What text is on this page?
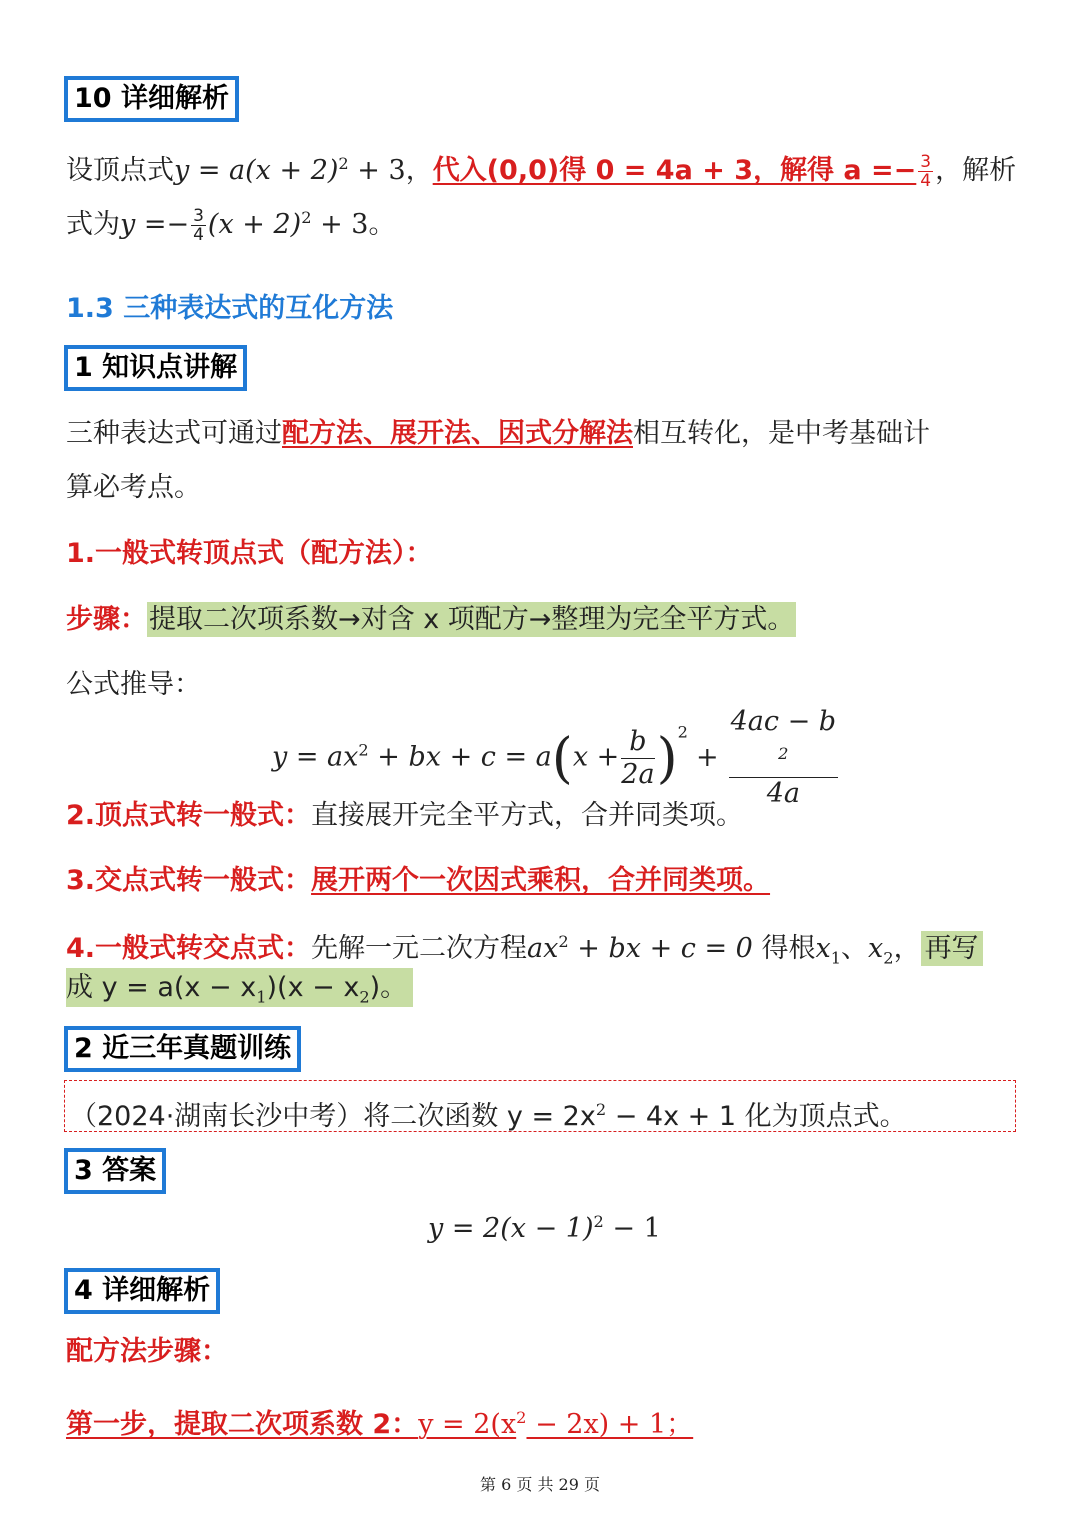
10 详细解析
设顶点式$y = a(x + 2)^2 + 3$，代入(0,0)得 0 = 4a + 3，解得 $a =- \frac{3}{4}$ ，解析
式为$y =- \frac{3}{4} (x + 2)^2 + 3$。
1.3 三种表达式的互化方法
1 知识点讲解
三种表达式可通过配方法、展开法、因式分解法相互转化，是中考基础计
算必考点。
1.一般式转顶点式（配方法）：
步骤：提取二次项系数→对含 x 项配方→整理为完全平方式。
公式推导：
$y = ax^2$ + bx + $c = a(x + \frac{b}{2a} )^2+ 4ac - b$
$^2$
4a
2.顶点式转一般式：直接展开完全平方式，合并同类项。
3.交点式转一般式：展开两个一次因式乘积，合并同类项。
4.一般式转交点式：先解一元二次方程$ax^2$ + bx + c = 0 得根$x_1$、$x_2$， 再写
成 $y = a(x - x_1)(x - x_2)$。
2 近三年真题训练
（2024·湖南长沙中考）将二次函数 $y = 2x^2 - 4x + 1$ 化为顶点式。
3 答案
$y = 2(x - 1)^2 - 1$
4 详细解析
配方法步骤：
第一步，提取二次项系数 2：$y = 2(x^2 - 2x) + 1$；
第 6 页 共 29 页
